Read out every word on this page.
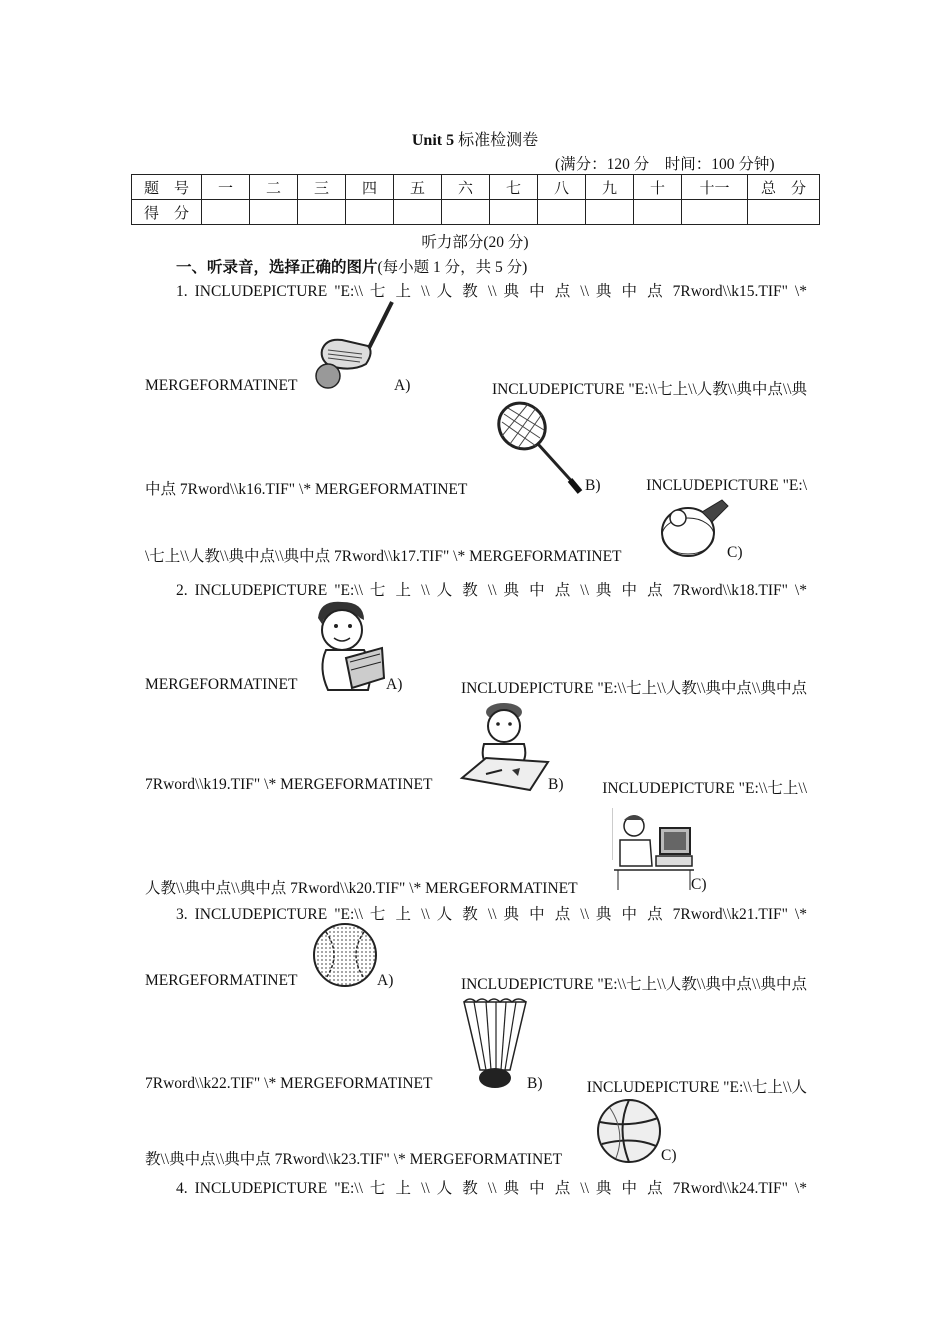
Unit 5 标准检测卷
(满分：120 分　时间：100 分钟)
题　号	一	二	三	四	五	六	七	八	九	十	十一	总　分
得　分												
听力部分(20 分)
一、听录音，选择正确的图片(每小题 1 分，共 5 分)
1. INCLUDEPICTURE "E:\\ 七 上 \\ 人 教 \\ 典 中 点 \\ 典 中 点 7Rword\\k15.TIF" \*
MERGEFORMATINET	A)	INCLUDEPICTURE "E:\\七上\\人教\\典中点\\典
中点 7Rword\\k16.TIF" \* MERGEFORMATINET	B)	INCLUDEPICTURE "E:\
\七上\\人教\\典中点\\典中点 7Rword\\k17.TIF" \* MERGEFORMATINET	C)
2. INCLUDEPICTURE "E:\\ 七 上 \\ 人 教 \\ 典 中 点 \\ 典 中 点 7Rword\\k18.TIF" \*
MERGEFORMATINET	A)	INCLUDEPICTURE "E:\\七上\\人教\\典中点\\典中点
7Rword\\k19.TIF" \* MERGEFORMATINET	B)	INCLUDEPICTURE "E:\\七上\\
人教\\典中点\\典中点 7Rword\\k20.TIF" \* MERGEFORMATINET	C)
3. INCLUDEPICTURE "E:\\ 七 上 \\ 人 教 \\ 典 中 点 \\ 典 中 点 7Rword\\k21.TIF" \*
MERGEFORMATINET	A)	INCLUDEPICTURE "E:\\七上\\人教\\典中点\\典中点
7Rword\\k22.TIF" \* MERGEFORMATINET	B)	INCLUDEPICTURE "E:\\七上\\人
教\\典中点\\典中点 7Rword\\k23.TIF" \* MERGEFORMATINET	C)
4. INCLUDEPICTURE "E:\\ 七 上 \\ 人 教 \\ 典 中 点 \\ 典 中 点 7Rword\\k24.TIF" \*
